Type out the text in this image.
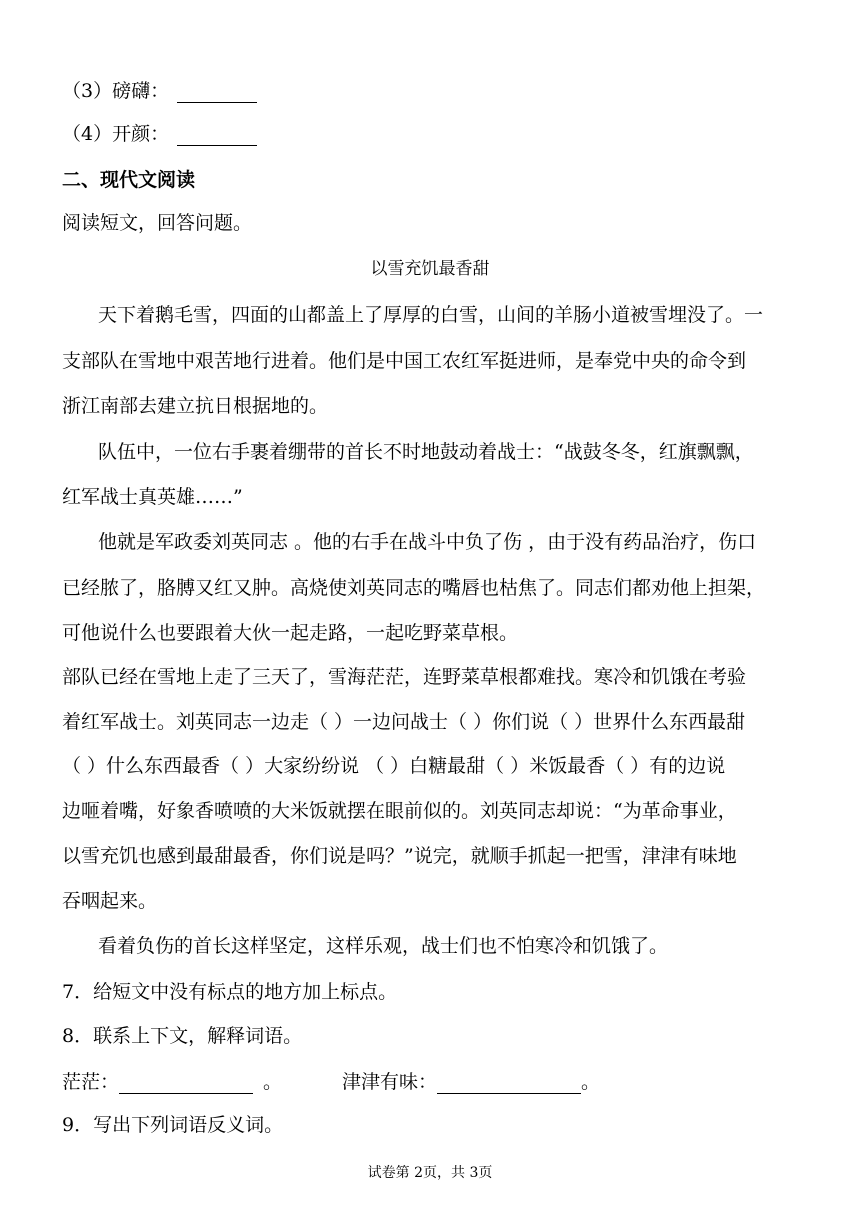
（3）磅礴：
（4）开颜：
二、现代文阅读
阅读短文，回答问题。
以雪充饥最香甜
天下着鹅毛雪，四面的山都盖上了厚厚的白雪，山间的羊肠小道被雪埋没了。一
支部队在雪地中艰苦地行进着。他们是中国工农红军挺进师，是奉党中央的命令到
浙江南部去建立抗日根据地的。
队伍中，一位右手裹着绷带的首长不时地鼓动着战士：“战鼓冬冬，红旗飘飘，
红军战士真英雄……”
他就是军政委刘英同志 。他的右手在战斗中负了伤 ，由于没有药品治疗，伤口
已经脓了，胳膊又红又肿。高烧使刘英同志的嘴唇也枯焦了。同志们都劝他上担架，
可他说什么也要跟着大伙一起走路，一起吃野菜草根。
部队已经在雪地上走了三天了，雪海茫茫，连野菜草根都难找。寒冷和饥饿在考验
着红军战士。刘英同志一边走（ ）一边问战士（ ）你们说（ ）世界什么东西最甜
（ ）什么东西最香（ ）大家纷纷说 （ ）白糖最甜（ ）米饭最香（ ）有的边说
边咂着嘴，好象香喷喷的大米饭就摆在眼前似的。刘英同志却说：“为革命事业，
以雪充饥也感到最甜最香，你们说是吗？”说完，就顺手抓起一把雪，津津有味地
吞咽起来。
看着负伤的首长这样坚定，这样乐观，战士们也不怕寒冷和饥饿了。
7．给短文中没有标点的地方加上标点。
8．联系上下文，解释词语。
茫茫：	。	津津有味：	。
9．写出下列词语反义词。
试卷第 2页，共 3页
